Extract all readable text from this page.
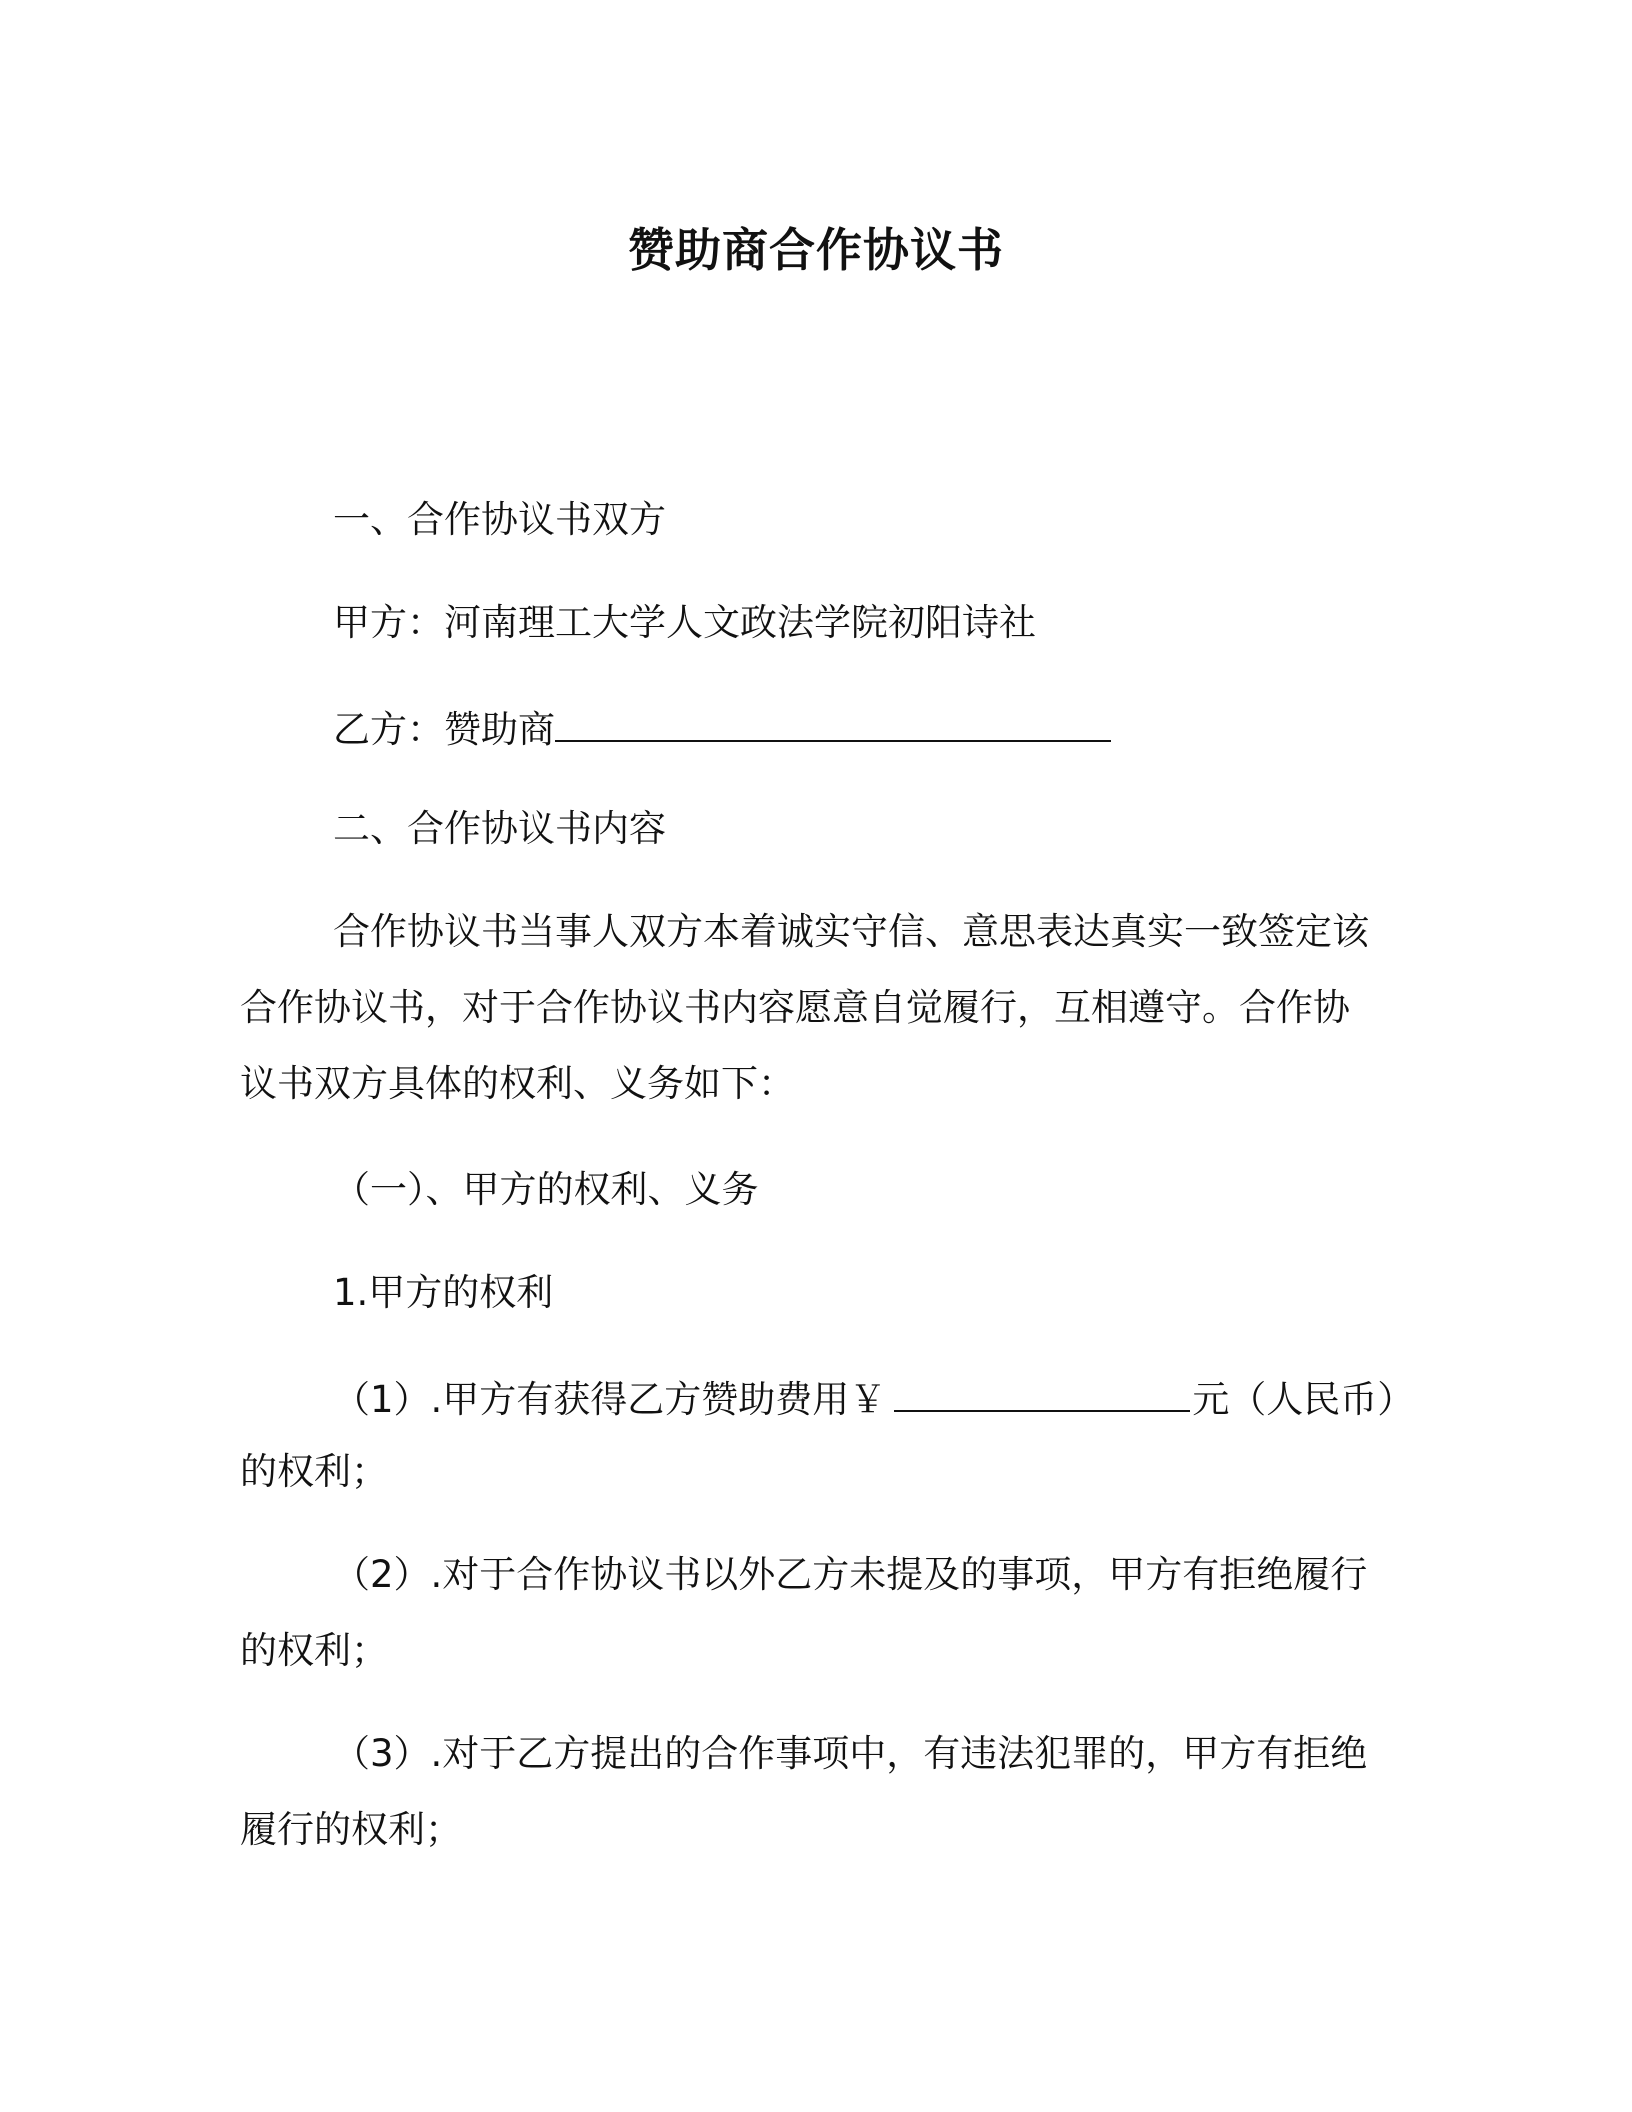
赞助商合作协议书
一、合作协议书双方
甲方：河南理工大学人文政法学院初阳诗社
乙方：赞助商
二、合作协议书内容
合作协议书当事人双方本着诚实守信、意思表达真实一致签定该
合作协议书，对于合作协议书内容愿意自觉履行，互相遵守。合作协
议书双方具体的权利、义务如下：
（一）、甲方的权利、义务
1.甲方的权利
（1）.甲方有获得乙方赞助费用￥	元（人民币）
的权利；
（2）.对于合作协议书以外乙方未提及的事项，甲方有拒绝履行
的权利；
（3）.对于乙方提出的合作事项中，有违法犯罪的，甲方有拒绝
履行的权利；
